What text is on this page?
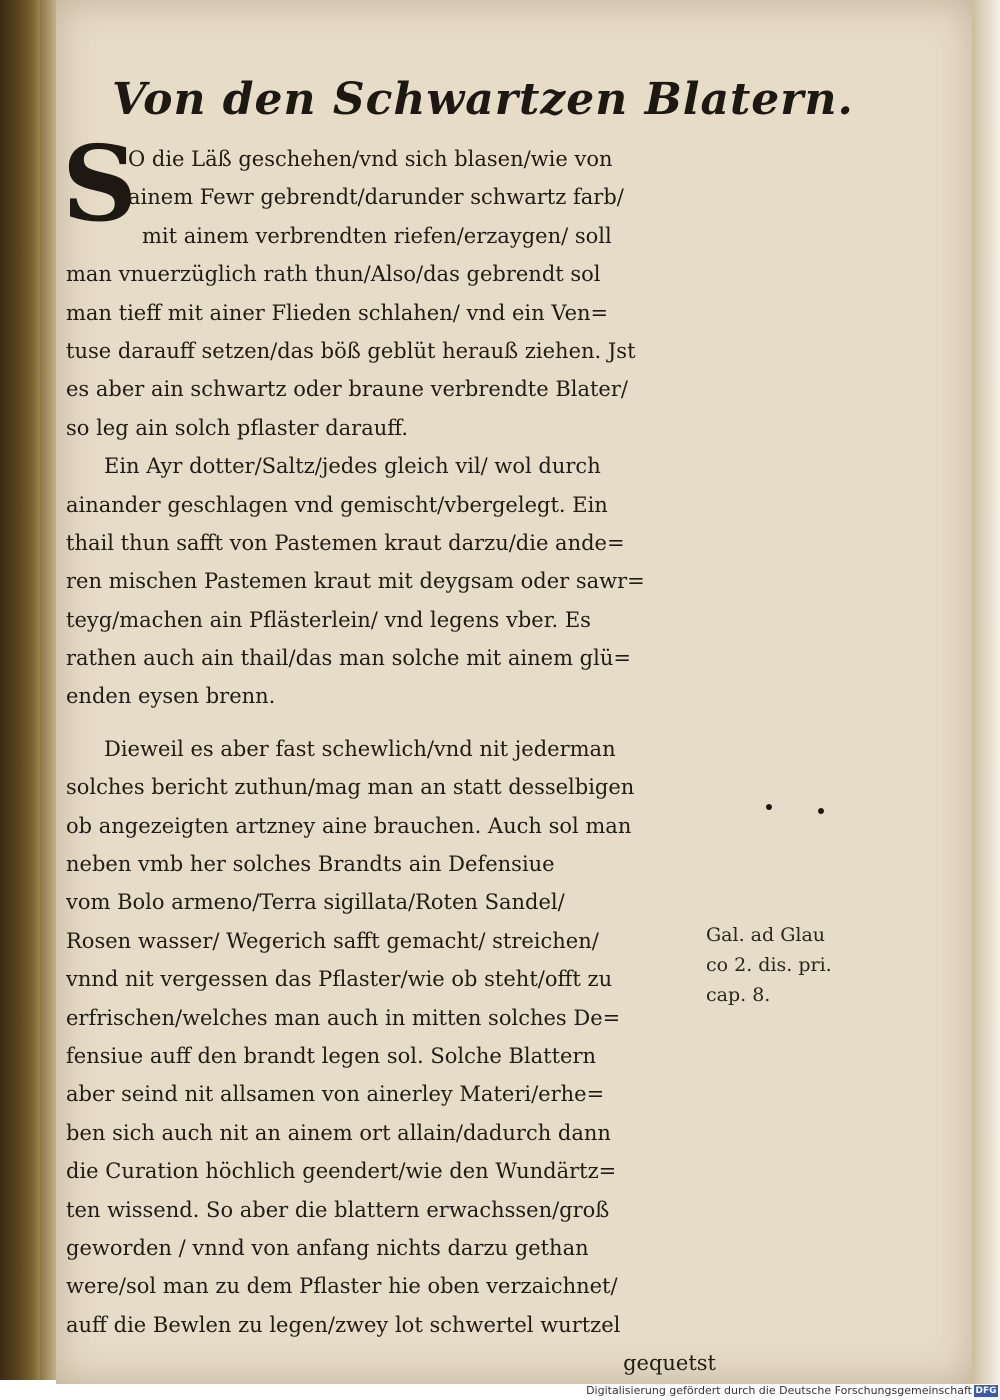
Von den Schwartzen Blatern.
S
O die Läß geschehen/vnd sich blasen/wie von
ainem Fewr gebrendt/darunder schwartz farb/
mit ainem verbrendten riefen/erzaygen/ soll
man vnuerzüglich rath thun/Also/das gebrendt sol
man tieff mit ainer Flieden schlahen/ vnd ein Ven=
tuse darauff setzen/das böß geblüt herauß ziehen. Jst
es aber ain schwartz oder braune verbrendte Blater/
so leg ain solch pflaster darauff.
Ein Ayr dotter/Saltz/jedes gleich vil/ wol durch
ainander geschlagen vnd gemischt/vbergelegt. Ein
thail thun safft von Pastemen kraut darzu/die ande=
ren mischen Pastemen kraut mit deygsam oder sawr=
teyg/machen ain Pflästerlein/ vnd legens vber. Es
rathen auch ain thail/das man solche mit ainem glü=
enden eysen brenn.
Dieweil es aber fast schewlich/vnd nit jederman
solches bericht zuthun/mag man an statt desselbigen
ob angezeigten artzney aine brauchen. Auch sol man
neben vmb her solches Brandts ain Defensiue
vom Bolo armeno/Terra sigillata/Roten Sandel/
Rosen wasser/ Wegerich safft gemacht/ streichen/
vnnd nit vergessen das Pflaster/wie ob steht/offt zu
erfrischen/welches man auch in mitten solches De=
fensiue auff den brandt legen sol. Solche Blattern
aber seind nit allsamen von ainerley Materi/erhe=
ben sich auch nit an ainem ort allain/dadurch dann
die Curation höchlich geendert/wie den Wundärtz=
ten wissend. So aber die blattern erwachssen/groß
geworden / vnnd von anfang nichts darzu gethan
were/sol man zu dem Pflaster hie oben verzaichnet/
auff die Bewlen zu legen/zwey lot schwertel wurtzel
gequetst
Gal. ad Glau
co 2. dis. pri.
cap. 8.
Digitalisierung gefördert durch die Deutsche Forschungsgemeinschaft DFG
